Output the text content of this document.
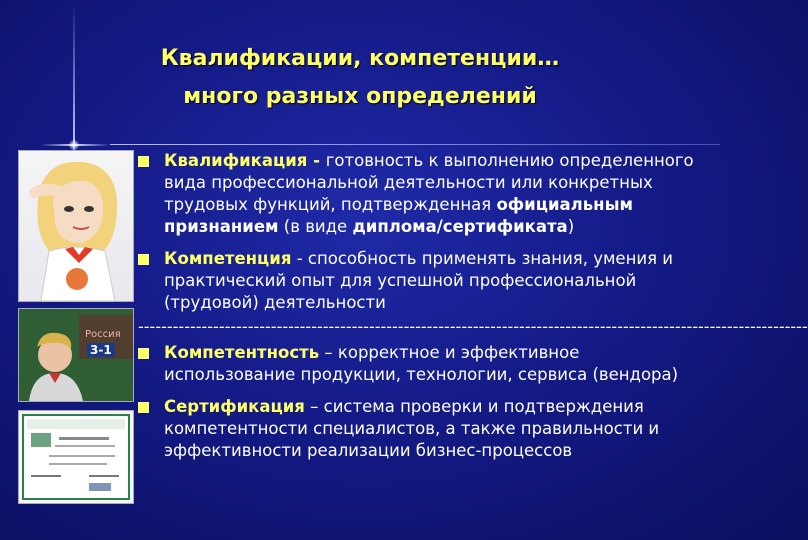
Квалификации, компетенции…
много разных определений
Россия
3-1
Квалификация - готовность к выполнению определенного вида профессиональной деятельности или конкретных трудовых функций, подтвержденная официальным признанием (в виде диплома/сертификата)
Компетенция - способность применять знания, умения и практический опыт для успешной профессиональной (трудовой) деятельности
--------------------------------------------------------------------------------------------------------------------
Компетентность – корректное и эффективное использование продукции, технологии, сервиса (вендора)
Сертификация – система проверки и подтверждения компетентности специалистов, а также правильности и эффективности реализации бизнес-процессов
